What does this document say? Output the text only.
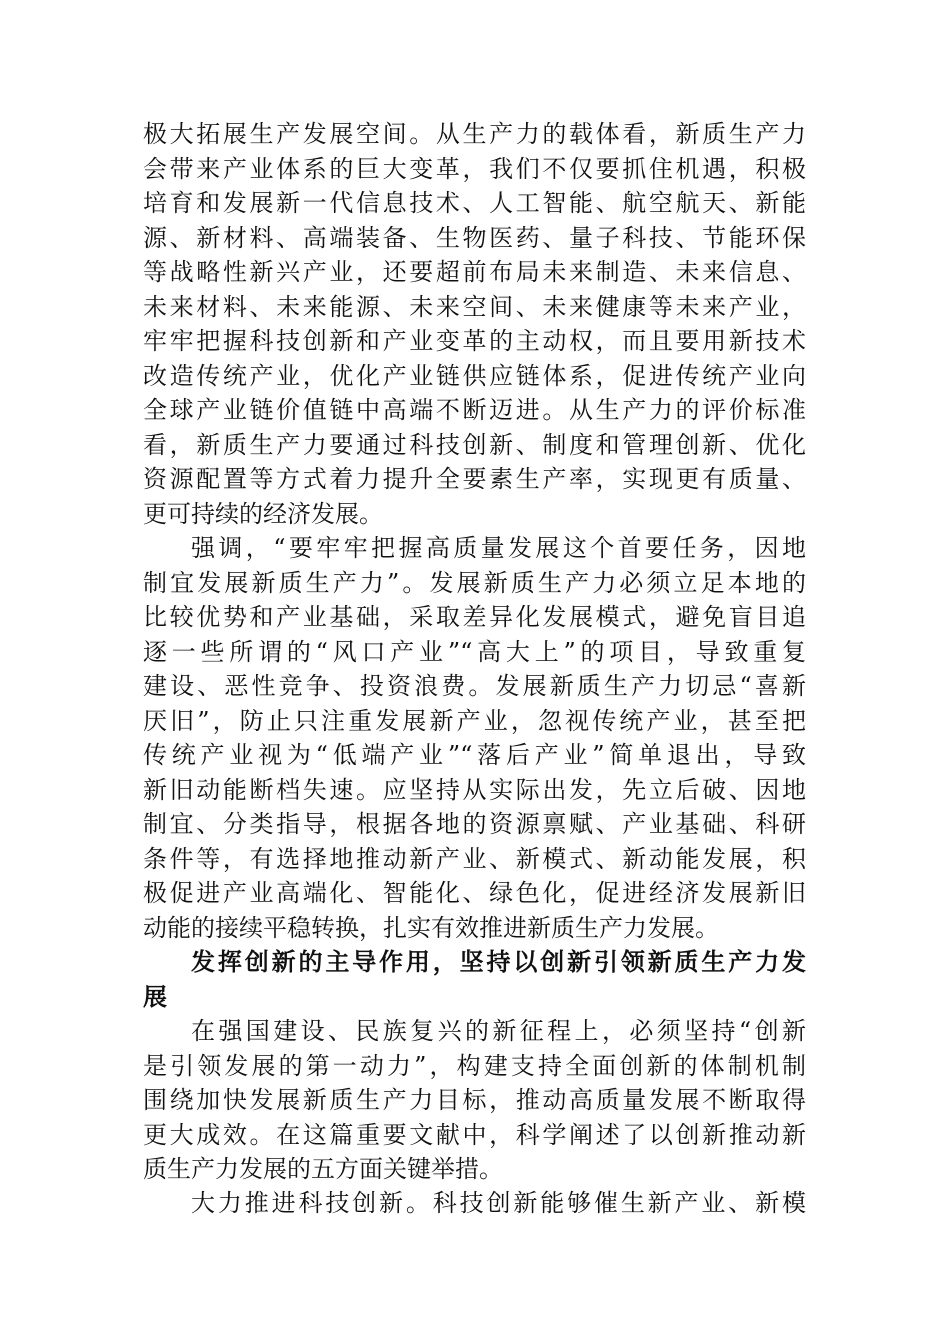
极大拓展生产发展空间。从生产力的载体看，新质生产力
会带来产业体系的巨大变革，我们不仅要抓住机遇，积极
培育和发展新一代信息技术、人工智能、航空航天、新能
源、新材料、高端装备、生物医药、量子科技、节能环保
等战略性新兴产业，还要超前布局未来制造、未来信息、
未来材料、未来能源、未来空间、未来健康等未来产业，
牢牢把握科技创新和产业变革的主动权，而且要用新技术
改造传统产业，优化产业链供应链体系，促进传统产业向
全球产业链价值链中高端不断迈进。从生产力的评价标准
看，新质生产力要通过科技创新、制度和管理创新、优化
资源配置等方式着力提升全要素生产率，实现更有质量、
更可持续的经济发展。
强调，“要牢牢把握高质量发展这个首要任务，因地
制宜发展新质生产力”。发展新质生产力必须立足本地的
比较优势和产业基础，采取差异化发展模式，避免盲目追
逐一些所谓的“风口产业”“高大上”的项目，导致重复
建设、恶性竞争、投资浪费。发展新质生产力切忌“喜新
厌旧”，防止只注重发展新产业，忽视传统产业，甚至把
传统产业视为“低端产业”“落后产业”简单退出，导致
新旧动能断档失速。应坚持从实际出发，先立后破、因地
制宜、分类指导，根据各地的资源禀赋、产业基础、科研
条件等，有选择地推动新产业、新模式、新动能发展，积
极促进产业高端化、智能化、绿色化，促进经济发展新旧
动能的接续平稳转换，扎实有效推进新质生产力发展。
发挥创新的主导作用，坚持以创新引领新质生产力发
展
在强国建设、民族复兴的新征程上，必须坚持“创新
是引领发展的第一动力”，构建支持全面创新的体制机制
围绕加快发展新质生产力目标，推动高质量发展不断取得
更大成效。在这篇重要文献中，科学阐述了以创新推动新
质生产力发展的五方面关键举措。
大力推进科技创新。科技创新能够催生新产业、新模
